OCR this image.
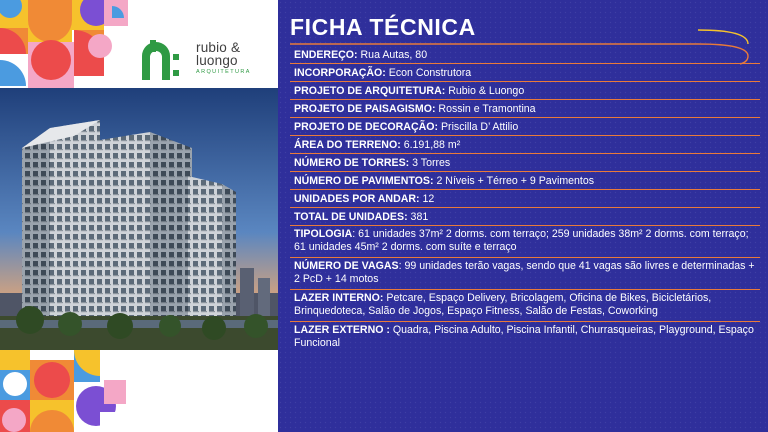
rubio &
luongo
ARQUITETURA
FICHA TÉCNICA
ENDEREÇO: Rua Autas, 80
INCORPORAÇÃO: Econ Construtora
PROJETO DE ARQUITETURA: Rubio & Luongo
PROJETO DE PAISAGISMO: Rossin e Tramontina
PROJETO DE DECORAÇÃO: Priscilla D’ Attilio
ÁREA DO TERRENO: 6.191,88 m²
NÚMERO DE TORRES: 3 Torres
NÚMERO DE PAVIMENTOS: 2 Níveis + Térreo + 9 Pavimentos
UNIDADES POR ANDAR: 12
TOTAL DE UNIDADES: 381
TIPOLOGIA: 61 unidades 37m² 2 dorms. com terraço; 259 unidades 38m² 2 dorms. com terraço; 61 unidades 45m² 2 dorms. com suíte e terraço
NÚMERO DE VAGAS: 99 unidades terão vagas, sendo que 41 vagas são livres e determinadas + 2 PcD + 14 motos
LAZER INTERNO: Petcare, Espaço Delivery, Bricolagem, Oficina de Bikes, Bicicletários, Brinquedoteca, Salão de Jogos, Espaço Fitness, Salão de Festas, Coworking
LAZER EXTERNO : Quadra, Piscina Adulto, Piscina Infantil, Churrasqueiras, Playground, Espaço Funcional
